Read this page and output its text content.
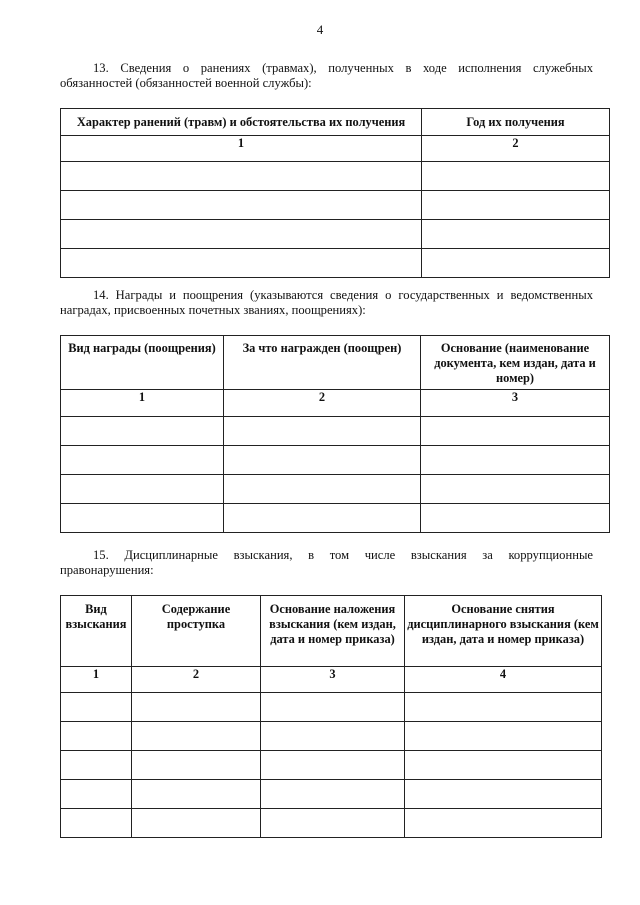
4
13. Сведения о ранениях (травмах), полученных в ходе исполнения служебных
обязанностей (обязанностей военной службы):
Характер ранений (травм) и обстоятельства их получения	Год их получения
1	2

14. Награды и поощрения (указываются сведения о государственных и ведомственных
наградах, присвоенных почетных званиях, поощрениях):
Вид награды (поощрения)	За что награжден (поощрен)	Основание (наименование документа, кем издан, дата и номер)
1	2	3

15. Дисциплинарные взыскания, в том числе взыскания за коррупционные
правонарушения:
Вид взыскания	Содержание проступка	Основание наложения взыскания (кем издан, дата и номер приказа)	Основание снятия дисциплинарного взыскания (кем издан, дата и номер приказа)
1	2	3	4
